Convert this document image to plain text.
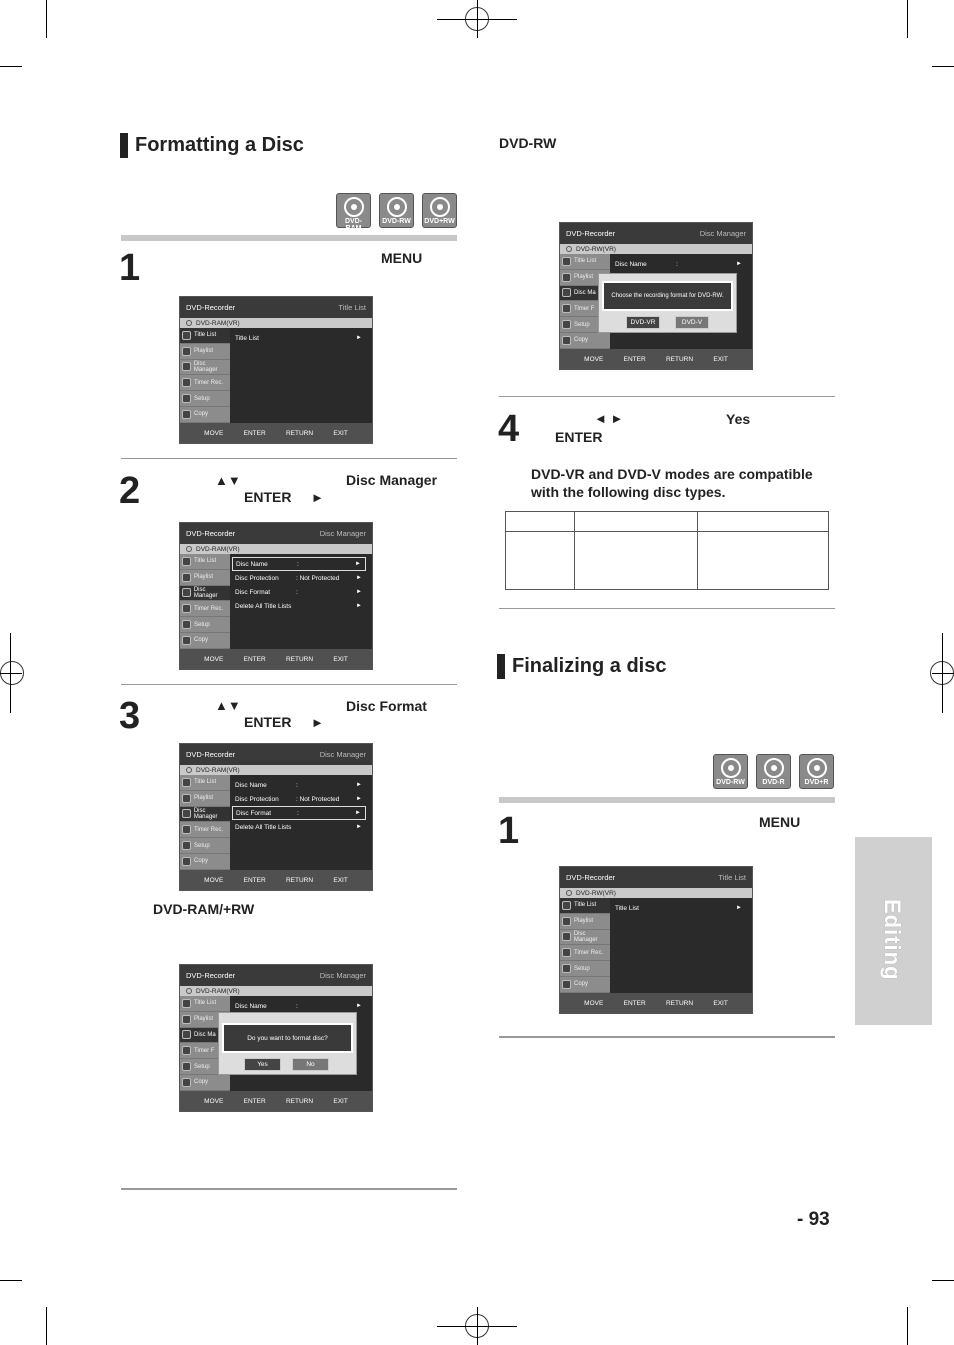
Formatting a Disc
DVD-RAM
DVD-RW	DVD+RW
1	MENU
DVD-Recorder	Title List
DVD-RAM(VR)
Title List
Playlist
Disc Manager
Timer Rec.
Setup
Copy
Title List	►
MOVE	ENTER	RETURN	EXIT
2	▲▼	Disc Manager
ENTER ►
DVD-Recorder	Disc Manager
DVD-RAM(VR)
Title List
Playlist
Disc Manager
Timer Rec.
Setup
Copy
Disc Name	:	►
Disc Protection	: Not Protected	►
Disc Format	:	►
Delete All Title Lists	►
MOVE	ENTER	RETURN	EXIT
3	▲▼	Disc Format
ENTER ►
DVD-Recorder	Disc Manager
DVD-RAM(VR)
Title List
Playlist
Disc Manager
Timer Rec.
Setup
Copy
Disc Name	:	►
Disc Protection	: Not Protected	►
Disc Format	:	►
Delete All Title Lists	►
MOVE	ENTER	RETURN	EXIT
DVD-RAM/+RW
DVD-Recorder	Disc Manager
DVD-RAM(VR)
Title List
Playlist
Disc Ma
Timer F
Setup
Copy
Disc Name	:	►
Do you want to format disc?
Yes	No
MOVE	ENTER	RETURN	EXIT
DVD-RW
DVD-Recorder	Disc Manager
DVD-RW(VR)
Title List
Playlist
Disc Ma
Timer F
Setup
Copy
Disc Name	:	►
Choose the recording format for DVD-RW.
DVD-VR	DVD-V
MOVE	ENTER	RETURN	EXIT
4	◄ ►	Yes
ENTER
DVD-VR and DVD-V modes are compatible
with the following disc types.
Finalizing a disc
DVD-RW	DVD-R	DVD+R
1	MENU
DVD-Recorder	Title List
DVD-RW(VR)
Title List
Playlist
Disc Manager
Timer Rec.
Setup
Copy
Title List	►
MOVE	ENTER	RETURN	EXIT
Editing
- 93
